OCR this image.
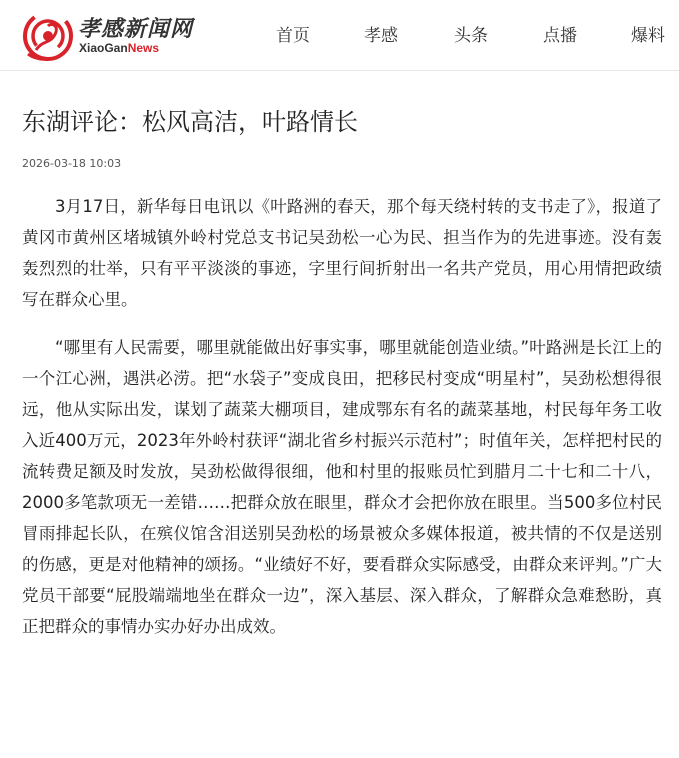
孝感新闻网
XiaoGanNews
首页	孝感	头条	点播	爆料
东湖评论：松风高洁，叶路情长
2026-03-18 10:03

3月17日，新华每日电讯以《叶路洲的春天，那个每天绕村转的支书走了》，报道了黄冈市黄州区堵城镇外岭村党总支书记吴劲松一心为民、担当作为的先进事迹。没有轰轰烈烈的壮举，只有平平淡淡的事迹，字里行间折射出一名共产党员，用心用情把政绩写在群众心里。

“哪里有人民需要，哪里就能做出好事实事，哪里就能创造业绩。”叶路洲是长江上的一个江心洲，遇洪必涝。把“水袋子”变成良田，把移民村变成“明星村”，吴劲松想得很远，他从实际出发，谋划了蔬菜大棚项目，建成鄂东有名的蔬菜基地，村民每年务工收入近400万元，2023年外岭村获评“湖北省乡村振兴示范村”；时值年关，怎样把村民的流转费足额及时发放，吴劲松做得很细，他和村里的报账员忙到腊月二十七和二十八，2000多笔款项无一差错……把群众放在眼里，群众才会把你放在眼里。当500多位村民冒雨排起长队，在殡仪馆含泪送别吴劲松的场景被众多媒体报道，被共情的不仅是送别的伤感，更是对他精神的颂扬。“业绩好不好，要看群众实际感受，由群众来评判。”广大党员干部要“屁股端端地坐在群众一边”，深入基层、深入群众，了解群众急难愁盼，真正把群众的事情办实办好办出成效。
